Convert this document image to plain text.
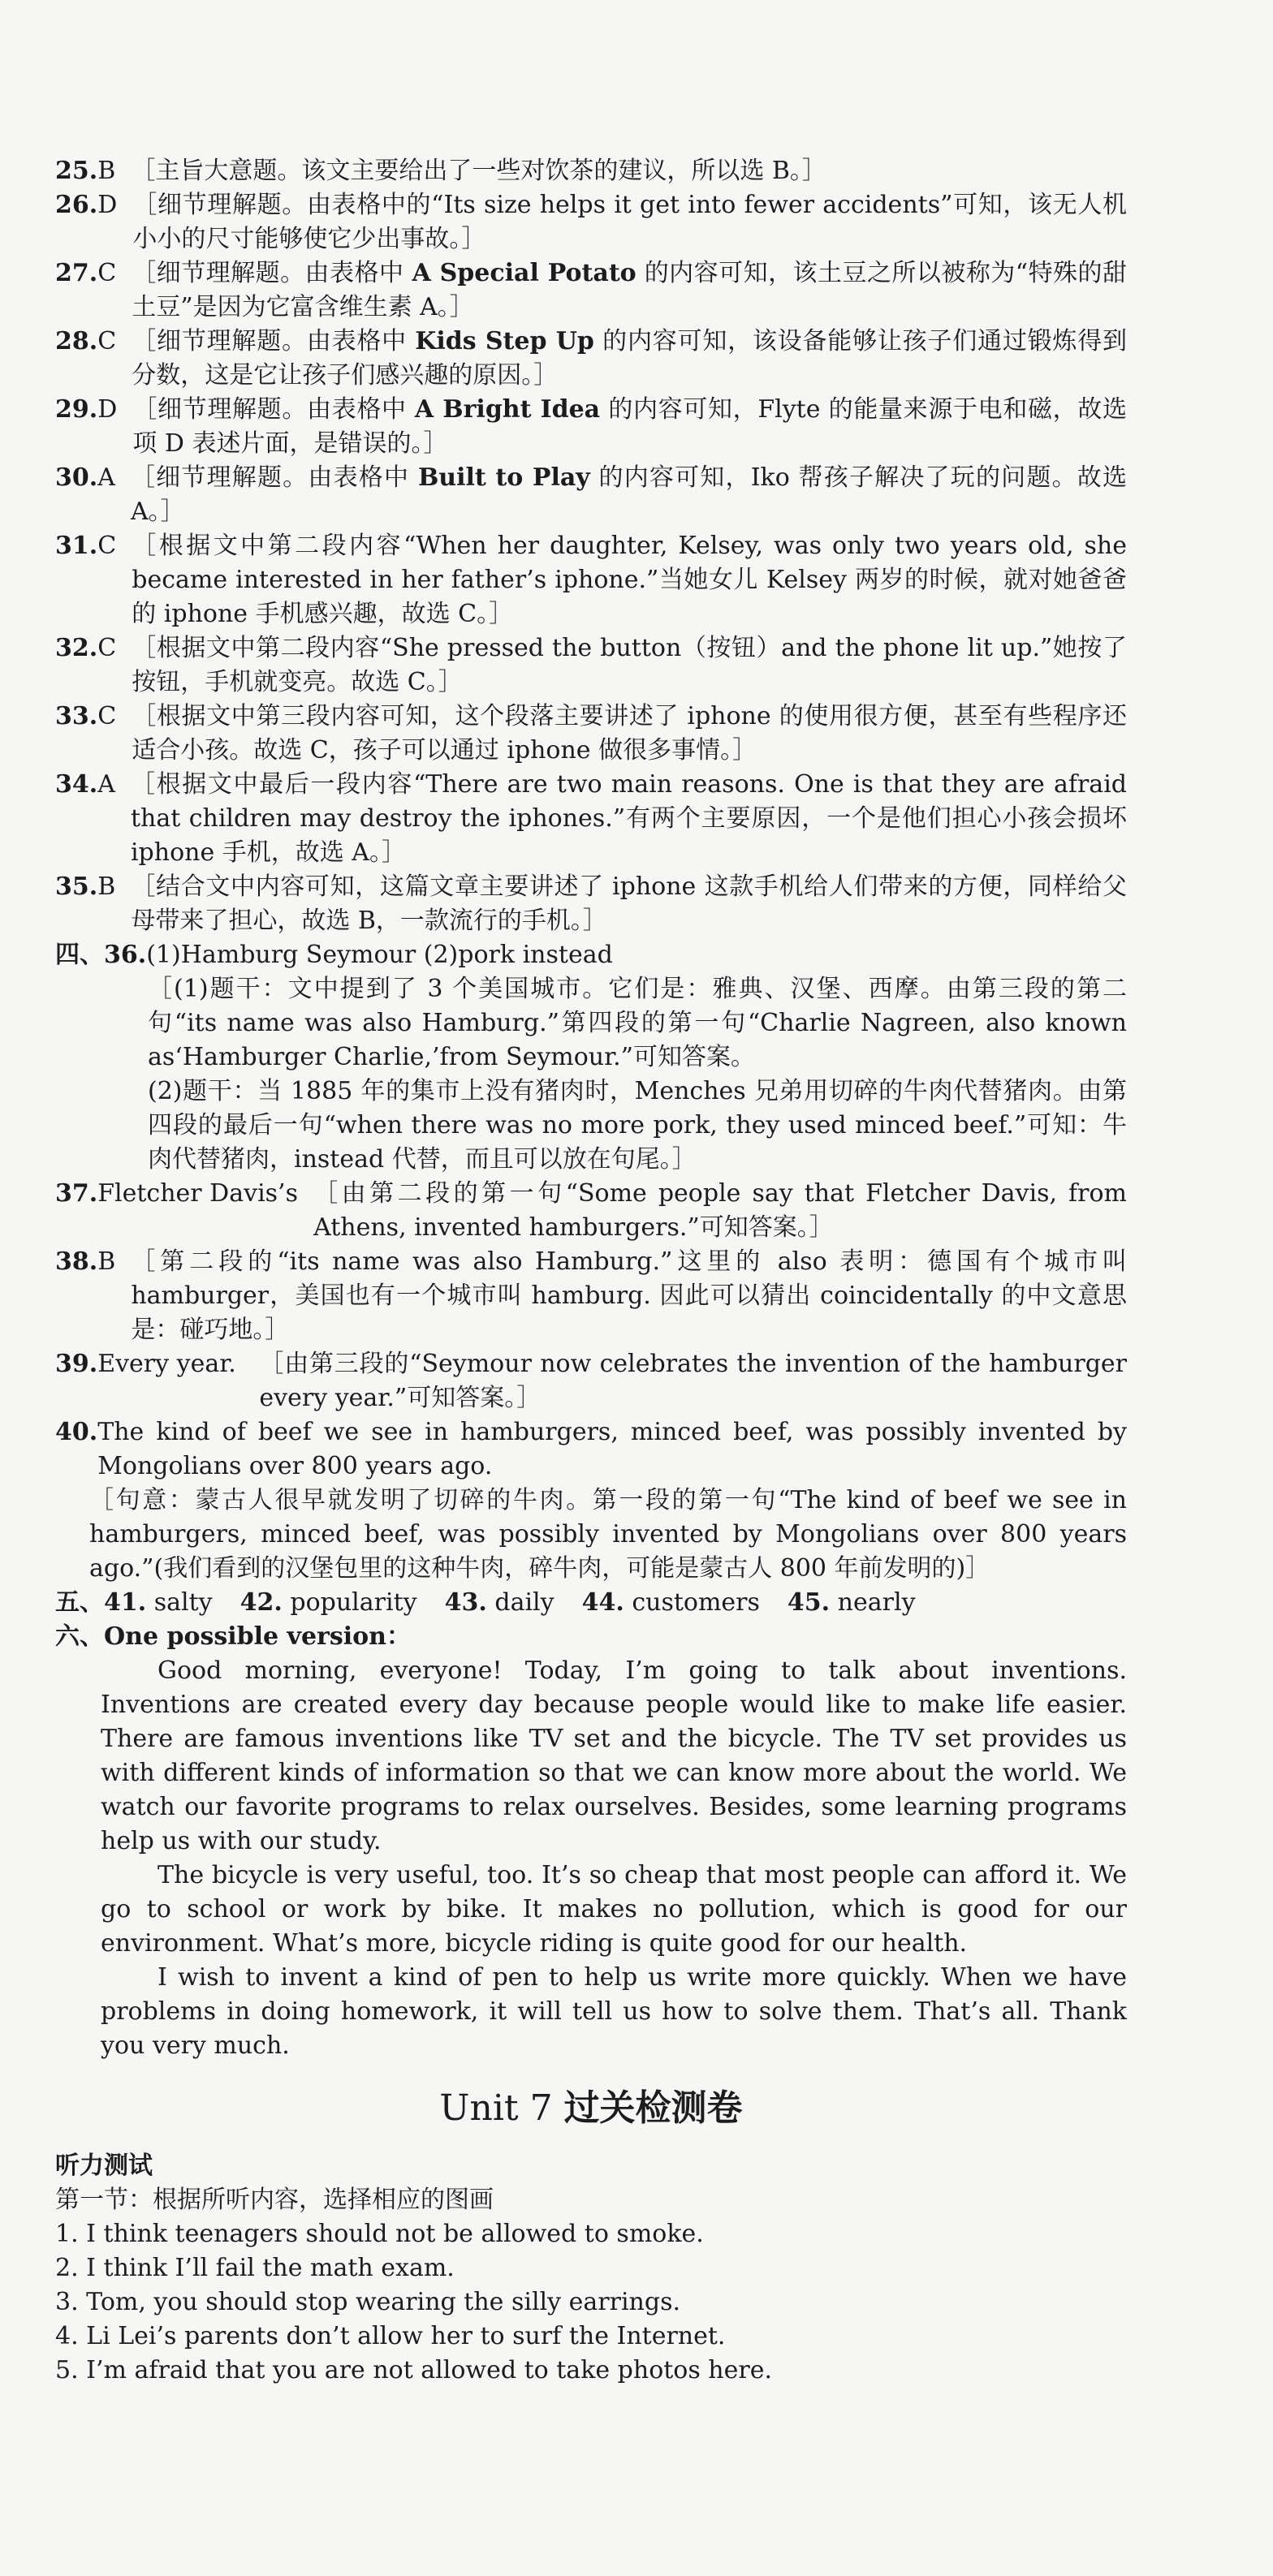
25. B ［主旨大意题。该文主要给出了一些对饮茶的建议，所以选 B。］
26. D ［细节理解题。由表格中的“Its size helps it get into fewer accidents”可知，该无人机小小的尺寸能够使它少出事故。］
27. C ［细节理解题。由表格中 A Special Potato 的内容可知，该土豆之所以被称为“特殊的甜土豆”是因为它富含维生素 A。］
28. C ［细节理解题。由表格中 Kids Step Up 的内容可知，该设备能够让孩子们通过锻炼得到分数，这是它让孩子们感兴趣的原因。］
29. D ［细节理解题。由表格中 A Bright Idea 的内容可知，Flyte 的能量来源于电和磁，故选项 D 表述片面，是错误的。］
30. A ［细节理解题。由表格中 Built to Play 的内容可知，Iko 帮孩子解决了玩的问题。故选 A。］
31. C ［根据文中第二段内容“When her daughter, Kelsey, was only two years old, she became interested in her father’s iphone.”当她女儿 Kelsey 两岁的时候，就对她爸爸的 iphone 手机感兴趣，故选 C。］
32. C ［根据文中第二段内容“She pressed the button（按钮）and the phone lit up.”她按了按钮，手机就变亮。故选 C。］
33. C ［根据文中第三段内容可知，这个段落主要讲述了 iphone 的使用很方便，甚至有些程序还适合小孩。故选 C，孩子可以通过 iphone 做很多事情。］
34. A ［根据文中最后一段内容“There are two main reasons. One is that they are afraid that children may destroy the iphones.”有两个主要原因，一个是他们担心小孩会损坏 iphone 手机，故选 A。］
35. B ［结合文中内容可知，这篇文章主要讲述了 iphone 这款手机给人们带来的方便，同样给父母带来了担心，故选 B，一款流行的手机。］
四、36. (1)Hamburg Seymour (2)pork instead
［(1)题干：文中提到了 3 个美国城市。它们是：雅典、汉堡、西摩。由第三段的第二句“its name was also Hamburg.”第四段的第一句“Charlie Nagreen, also known as‘Hamburger Charlie,’from Seymour.”可知答案。
(2)题干：当 1885 年的集市上没有猪肉时，Menches 兄弟用切碎的牛肉代替猪肉。由第四段的最后一句“when there was no more pork, they used minced beef.”可知：牛肉代替猪肉，instead 代替，而且可以放在句尾。］
37. Fletcher Davis’s ［由第二段的第一句“Some people say that Fletcher Davis, from Athens, invented hamburgers.”可知答案。］
38. B ［第二段的“its name was also Hamburg.”这里的 also 表明：德国有个城市叫 hamburger，美国也有一个城市叫 hamburg. 因此可以猜出 coincidentally 的中文意思是：碰巧地。］
39. Every year. ［由第三段的“Seymour now celebrates the invention of the hamburger every year.”可知答案。］
40. The kind of beef we see in hamburgers, minced beef, was possibly invented by Mongolians over 800 years ago.
［句意：蒙古人很早就发明了切碎的牛肉。第一段的第一句“The kind of beef we see in hamburgers, minced beef, was possibly invented by Mongolians over 800 years ago.”(我们看到的汉堡包里的这种牛肉，碎牛肉，可能是蒙古人 800 年前发明的)］
五、41. salty 42. popularity 43. daily 44. customers 45. nearly
六、One possible version：

Good morning, everyone! Today, I’m going to talk about inventions. Inventions are created every day because people would like to make life easier. There are famous inventions like TV set and the bicycle. The TV set provides us with different kinds of information so that we can know more about the world. We watch our favorite programs to relax ourselves. Besides, some learning programs help us with our study.

The bicycle is very useful, too. It’s so cheap that most people can afford it. We go to school or work by bike. It makes no pollution, which is good for our environment. What’s more, bicycle riding is quite good for our health.

I wish to invent a kind of pen to help us write more quickly. When we have problems in doing homework, it will tell us how to solve them. That’s all. Thank you very much.

Unit 7 过关检测卷
听力测试
第一节：根据所听内容，选择相应的图画
1. I think teenagers should not be allowed to smoke.
2. I think I’ll fail the math exam.
3. Tom, you should stop wearing the silly earrings.
4. Li Lei’s parents don’t allow her to surf the Internet.
5. I’m afraid that you are not allowed to take photos here.
